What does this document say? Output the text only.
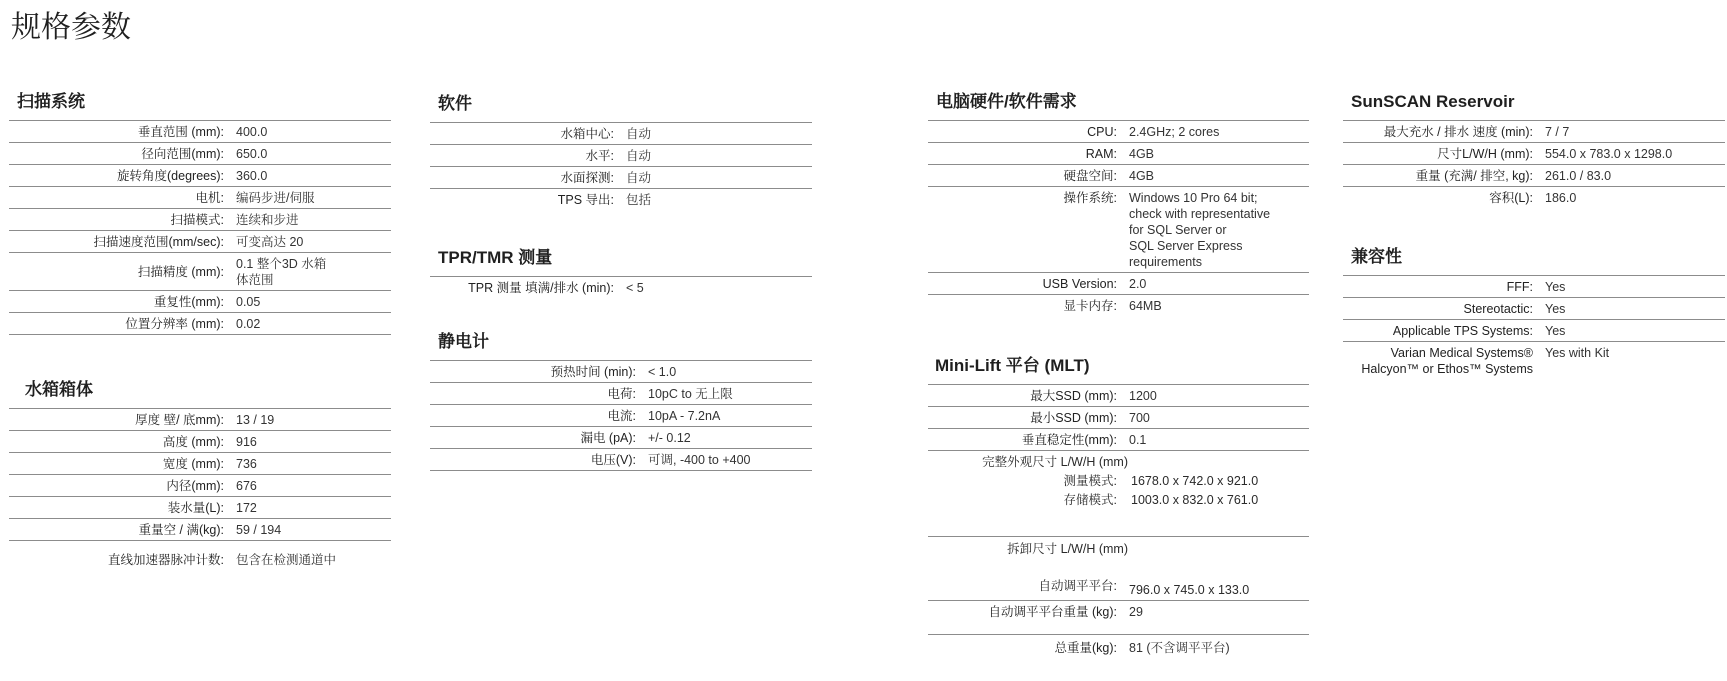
规格参数
扫描系统
垂直范围 (mm): 400.0
径向范围(mm): 650.0
旋转角度(degrees): 360.0
电机: 编码步进/伺服
扫描模式: 连续和步进
扫描速度范围(mm/sec): 可变高达 20
扫描精度 (mm):
0.1 整个3D 水箱
体范围
重复性(mm): 0.05
位置分辨率 (mm): 0.02
水箱箱体
厚度 壁/ 底mm): 13 / 19
高度 (mm): 916
宽度 (mm): 736
内径(mm): 676
装水量(L): 172
重量空 / 满(kg): 59 / 194
直线加速器脉冲计数: 包含在检测通道中
软件
水箱中心: 自动
水平: 自动
水面探测: 自动
TPS 导出: 包括
TPR/TMR 测量
TPR 测量 填满/排水 (min): < 5
静电计
预热时间 (min): < 1.0
电荷: 10pC to 无上限
电流: 10pA - 7.2nA
漏电 (pA): +/- 0.12
电压(V): 可调, -400 to +400
电脑硬件/软件需求
CPU: 2.4GHz; 2 cores
RAM: 4GB
硬盘空间: 4GB
操作系统: Windows 10 Pro 64 bit;
check with representative
for SQL Server or
SQL Server Express
requirements
USB Version: 2.0
显卡内存: 64MB
Mini-Lift 平台 (MLT)
最大SSD (mm): 1200
最小SSD (mm): 700
垂直稳定性(mm): 0.1
完整外观尺寸 L/W/H (mm)
测量模式:	1678.0 x 742.0 x 921.0
存储模式:	1003.0 x 832.0 x 761.0
拆卸尺寸 L/W/H (mm)
自动调平平台: 796.0 x 745.0 x 133.0
自动调平平台重量 (kg): 29
总重量(kg): 81 (不含调平平台)
SunSCAN Reservoir
最大充水 / 排水 速度 (min): 7 / 7
尺寸L/W/H (mm): 554.0 x 783.0 x 1298.0
重量 (充满/ 排空, kg): 261.0 / 83.0
容积(L): 186.0
兼容性
FFF: Yes
Stereotactic: Yes
Applicable TPS Systems: Yes
Varian Medical Systems®
Halcyon™ or Ethos™ Systems
Yes with Kit
